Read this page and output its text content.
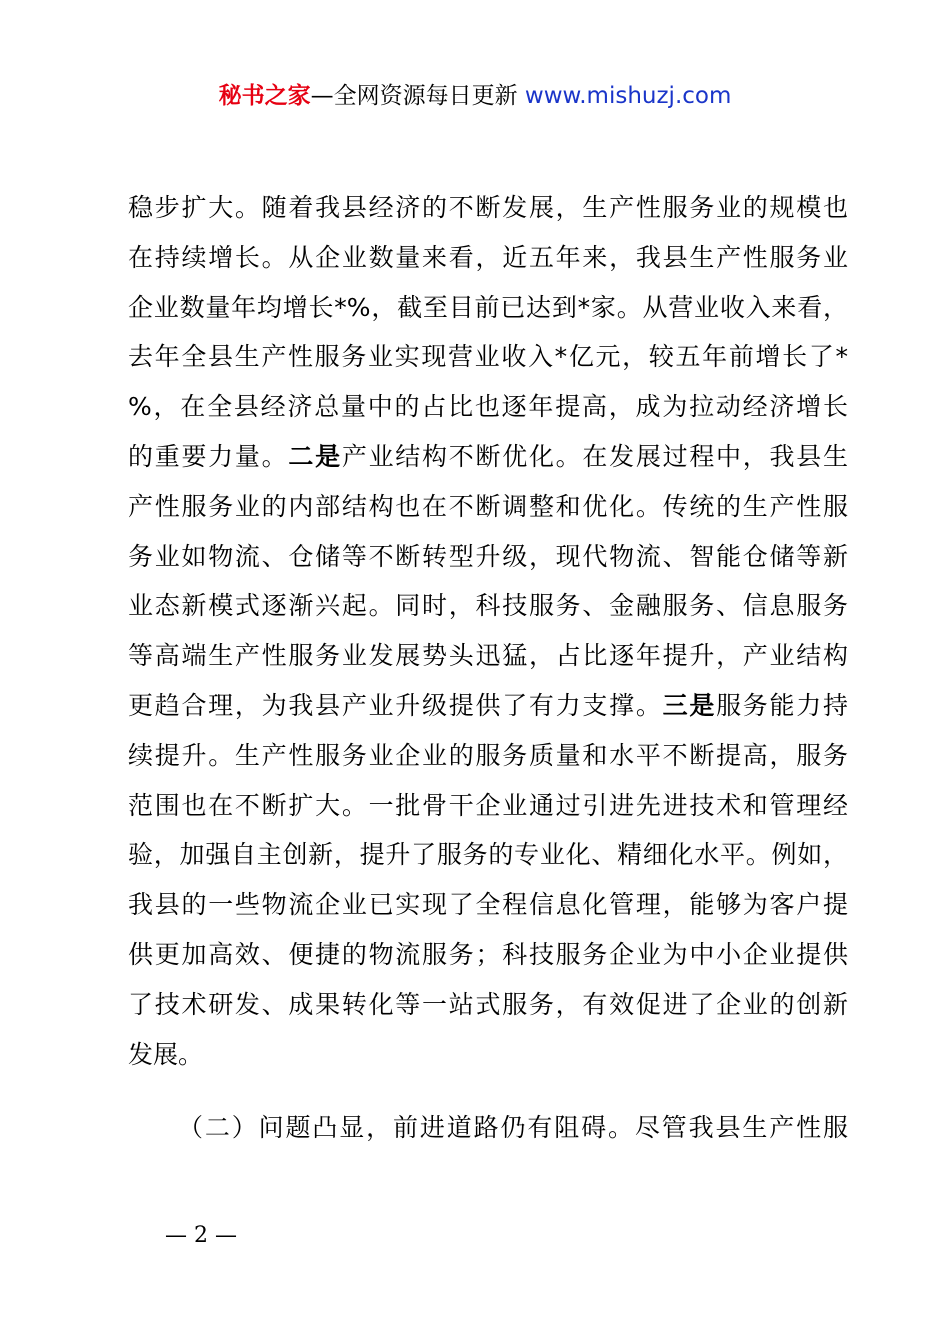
秘书之家—全网资源每日更新 www.mishuzj.com
稳步扩大。随着我县经济的不断发展，生产性服务业的规模也
在持续增长。从企业数量来看，近五年来，我县生产性服务业
企业数量年均增长*%，截至目前已达到*家。从营业收入来看，
去年全县生产性服务业实现营业收入*亿元，较五年前增长了*
%，在全县经济总量中的占比也逐年提高，成为拉动经济增长
的重要力量。二是产业结构不断优化。在发展过程中，我县生
产性服务业的内部结构也在不断调整和优化。传统的生产性服
务业如物流、仓储等不断转型升级，现代物流、智能仓储等新
业态新模式逐渐兴起。同时，科技服务、金融服务、信息服务
等高端生产性服务业发展势头迅猛，占比逐年提升，产业结构
更趋合理，为我县产业升级提供了有力支撑。三是服务能力持
续提升。生产性服务业企业的服务质量和水平不断提高，服务
范围也在不断扩大。一批骨干企业通过引进先进技术和管理经
验，加强自主创新，提升了服务的专业化、精细化水平。例如，
我县的一些物流企业已实现了全程信息化管理，能够为客户提
供更加高效、便捷的物流服务；科技服务企业为中小企业提供
了技术研发、成果转化等一站式服务，有效促进了企业的创新
发展。
（二）问题凸显，前进道路仍有阻碍。尽管我县生产性服
— 2 —
